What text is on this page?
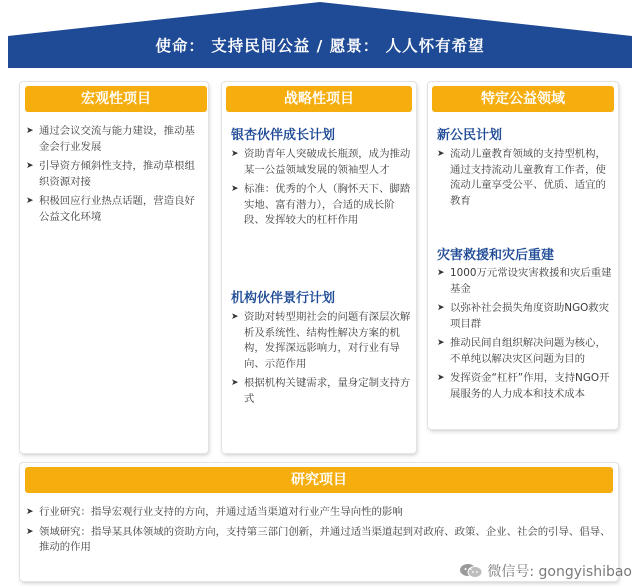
使命： 支持民间公益 / 愿景： 人人怀有希望
宏观性项目
➤ 通过会议交流与能力建设，推动基金会行业发展
➤ 引导资方倾斜性支持，推动草根组织资源对接
➤ 积极回应行业热点话题，营造良好公益文化环境
战略性项目
银杏伙伴成长计划
➤ 资助青年人突破成长瓶颈，成为推动某一公益领域发展的领袖型人才
➤ 标准：优秀的个人（胸怀天下、脚踏实地、富有潜力），合适的成长阶段、发挥较大的杠杆作用
机构伙伴景行计划
➤ 资助对转型期社会的问题有深层次解析及系统性、结构性解决方案的机构，发挥深远影响力，对行业有导向、示范作用
➤ 根据机构关键需求，量身定制支持方式
特定公益领域
新公民计划
➤ 流动儿童教育领域的支持型机构，通过支持流动儿童教育工作者，使流动儿童享受公平、优质、适宜的教育
灾害救援和灾后重建
➤ 1000万元常设灾害救援和灾后重建基金
➤ 以弥补社会损失角度资助NGO救灾项目群
➤ 推动民间自组织解决问题为核心，不单纯以解决灾区问题为目的
➤ 发挥资金“杠杆”作用，支持NGO开展服务的人力成本和技术成本
研究项目
➤ 行业研究：指导宏观行业支持的方向，并通过适当渠道对行业产生导向性的影响
➤ 领域研究：指导某具体领域的资助方向，支持第三部门创新，并通过适当渠道起到对政府、政策、企业、社会的引导、倡导、推动的作用
微信号: gongyishibao
